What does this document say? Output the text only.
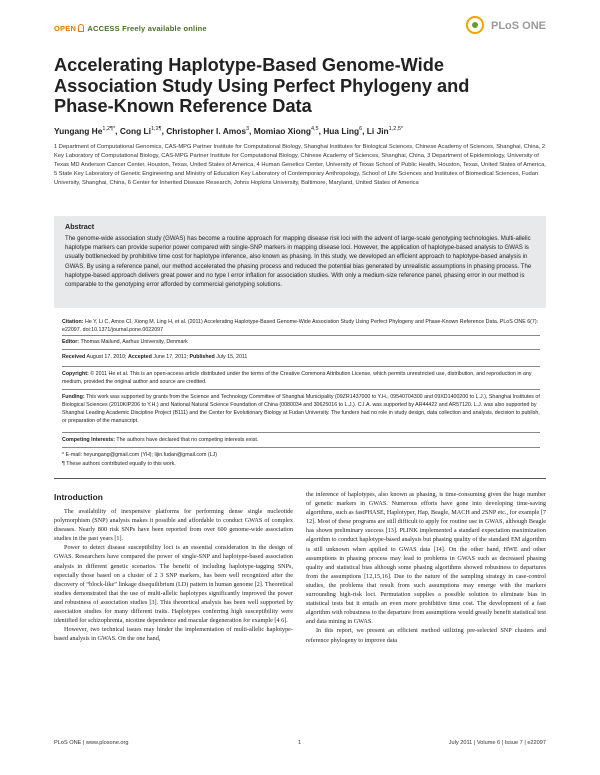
OPEN ACCESS Freely available online	PLoS ONE
Accelerating Haplotype-Based Genome-Wide Association Study Using Perfect Phylogeny and Phase-Known Reference Data
Yungang $He^{1,2\P*}$, Cong $Li^{1,2\P}$, Christopher I. Amos$^3$, Momiao Xiong$^{4,5}$, Hua Ling$^6$, Li Jin$^{1,2,5*}$
1 Department of Computational Genomics, CAS-MPG Partner Institute for Computational Biology, Shanghai Institutes for Biological Sciences, Chinese Academy of Sciences, Shanghai, China, 2 Key Laboratory of Computational Biology, CAS-MPG Partner Institute for Computational Biology, Chinese Academy of Sciences, Shanghai, China, 3 Department of Epidemiology, University of Texas MD Anderson Cancer Center, Houston, Texas, United States of America, 4 Human Genetics Center, University of Texas School of Public Health, Houston, Texas, United States of America, 5 State Key Laboratory of Genetic Engineering and Ministry of Education Key Laboratory of Contemporary Anthropology, School of Life Sciences and Institutes of Biomedical Sciences, Fudan University, Shanghai, China, 6 Center for Inherited Disease Research, Johns Hopkins University, Baltimore, Maryland, United States of America
Abstract

The genome-wide association study (GWAS) has become a routine approach for mapping disease risk loci with the advent of large-scale genotyping technologies. Multi-allelic haplotype markers can provide superior power compared with single-SNP markers in mapping disease loci. However, the application of haplotype-based analysis to GWAS is usually bottlenecked by prohibitive time cost for haplotype inference, also known as phasing. In this study, we developed an efficient approach to haplotype-based analysis in GWAS. By using a reference panel, our method accelerated the phasing process and reduced the potential bias generated by unrealistic assumptions in phasing process. The haplotype-based approach delivers great power and no type I error inflation for association studies. With only a medium-size reference panel, phasing error in our method is comparable to the genotyping error afforded by commercial genotyping solutions.

Citation: He Y, Li C, Amos CI, Xiong M, Ling H, et al. (2011) Accelerating Haplotype-Based Genome-Wide Association Study Using Perfect Phylogeny and Phase-Known Reference Data. PLoS ONE 6(7): e22097. doi:10.1371/journal.pone.0022097
Editor: Thomas Mailund, Aarhus University, Denmark
Received August 17, 2010; Accepted June 17, 2011; Published July 15, 2011
Copyright: © 2011 He et al. This is an open-access article distributed under the terms of the Creative Commons Attribution License, which permits unrestricted use, distribution, and reproduction in any medium, provided the original author and source are credited.
Funding: This work was supported by grants from the Science and Technology Committee of Shanghai Municipality (09ZR1437000 to Y.H., 09540704300 and 09XD1400200 to L.J.), Shanghai Institutes of Biological Sciences (2010KIP206 to Y.H.) and National Natural Science Foundation of China (0080034 and 30625016 to L.J.). C.I.A. was supported by AR44422 and AR57120. L.J. was also supported by Shanghai Leading Academic Discipline Project (B111) and the Center for Evolutionary Biology at Fudan University. The funders had no role in study design, data collection and analysis, decision to publish, or preparation of the manuscript.
Competing Interests: The authors have declared that no competing interests exist.
* E-mail: heyungang@gmail.com (YH); lijin.fudan@gmail.com (LJ)
¶ These authors contributed equally to this work.
Introduction

The availability of inexpensive platforms for performing dense single nucleotide polymorphism (SNP) analysis makes it possible and affordable to conduct GWAS of complex diseases. Nearly 800 risk SNPs have been reported from over 600 genome-wide association studies in the past years [1].

Power to detect disease susceptibility loci is an essential consideration in the design of GWAS. Researchers have compared the power of single-SNP and haplotype-based association analysis in different genetic scenarios. The benefit of including haplotype-tagging SNPs, especially those based on a cluster of 2 3 SNP markers, has been well recognized after the discovery of “block-like” linkage disequilibrium (LD) pattern in human genome [2]. Theoretical studies demonstrated that the use of multi-allelic haplotypes significantly improved the power and robustness of association studies [3]. This theoretical analysis has been well supported by association studies for many different traits. Haplotypes conferring high susceptibility were identified for schizophrenia, nicotine dependence and macular degeneration for example [4 6].

However, two technical issues may hinder the implementation of multi-allelic haplotype-based analysis in GWAS. On the one hand,

the inference of haplotypes, also known as phasing, is time-consuming given the huge number of genetic markers in GWAS. Numerous efforts have gone into developing time-saving algorithms, such as fastPHASE, Haplotyper, Hap, Beagle, MACH and 2SNP etc., for example [7 12]. Most of these programs are still difficult to apply for routine use in GWAS, although Beagle has shown preliminary success [13]. PLINK implemented a standard expectation maximization algorithm to conduct haplotype-based analysis but phasing quality of the standard EM algorithm is still unknown when applied to GWAS data [14]. On the other hand, HWE and other assumptions in phasing process may lead to problems in GWAS such as decreased phasing quality and statistical bias although some phasing algorithms showed robustness to departures from the assumptions [12,15,16]. Due to the nature of the sampling strategy in case-control studies, the problems that result from such assumptions may emerge with the markers surrounding high-risk loci. Permutation supplies a possible solution to eliminate bias in statistical tests but it entails an even more prohibitive time cost. The development of a fast algorithm with robustness to the departure from assumptions would greatly benefit statistical test and data mining in GWAS.

In this report, we present an efficient method utilizing pre-selected SNP clusters and reference phylogeny to improve data

PLoS ONE | www.plosone.org	1	July 2011 | Volume 6 | Issue 7 | e22097
